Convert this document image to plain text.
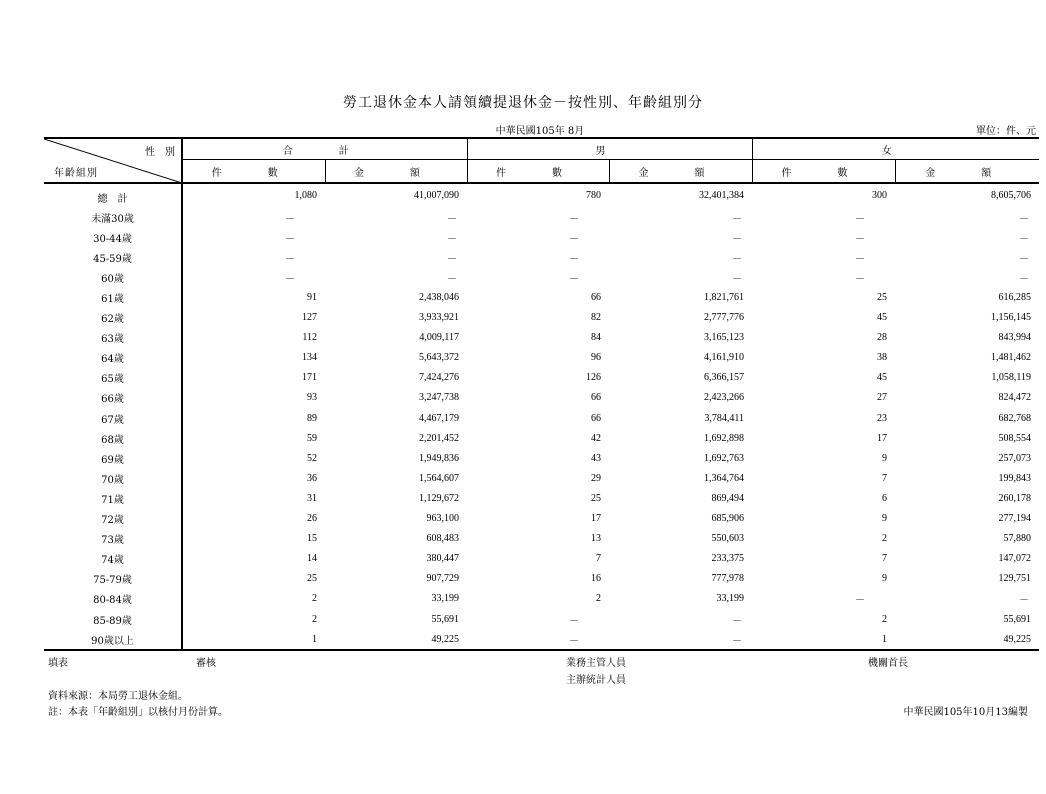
勞工退休金本人請領續提退休金－按性別、年齡組別分
中華民國105年 8月	單位：件、元
性　別
年齡組別	合　計		男		女	
	件　數	金　額	件　數	金　額	件　數	金　額
總　計	1,080	41,007,090	780	32,401,384	300	8,605,706
未滿30歲	－	－	－	－	－	－
30-44歲	－	－	－	－	－	－
45-59歲	－	－	－	－	－	－
60歲	－	－	－	－	－	－
61歲	91	2,438,046	66	1,821,761	25	616,285
62歲	127	3,933,921	82	2,777,776	45	1,156,145
63歲	112	4,009,117	84	3,165,123	28	843,994
64歲	134	5,643,372	96	4,161,910	38	1,481,462
65歲	171	7,424,276	126	6,366,157	45	1,058,119
66歲	93	3,247,738	66	2,423,266	27	824,472
67歲	89	4,467,179	66	3,784,411	23	682,768
68歲	59	2,201,452	42	1,692,898	17	508,554
69歲	52	1,949,836	43	1,692,763	9	257,073
70歲	36	1,564,607	29	1,364,764	7	199,843
71歲	31	1,129,672	25	869,494	6	260,178
72歲	26	963,100	17	685,906	9	277,194
73歲	15	608,483	13	550,603	2	57,880
74歲	14	380,447	7	233,375	7	147,072
75-79歲	25	907,729	16	777,978	9	129,751
80-84歲	2	33,199	2	33,199	－	－
85-89歲	2	55,691	－	－	2	55,691
90歲以上	1	49,225	－	－	1	49,225
填表	審核	業務主管人員
主辦統計人員
機關首長
資料來源：本局勞工退休金組。
註：本表「年齡組別」以核付月份計算。	中華民國105年10月13編製
